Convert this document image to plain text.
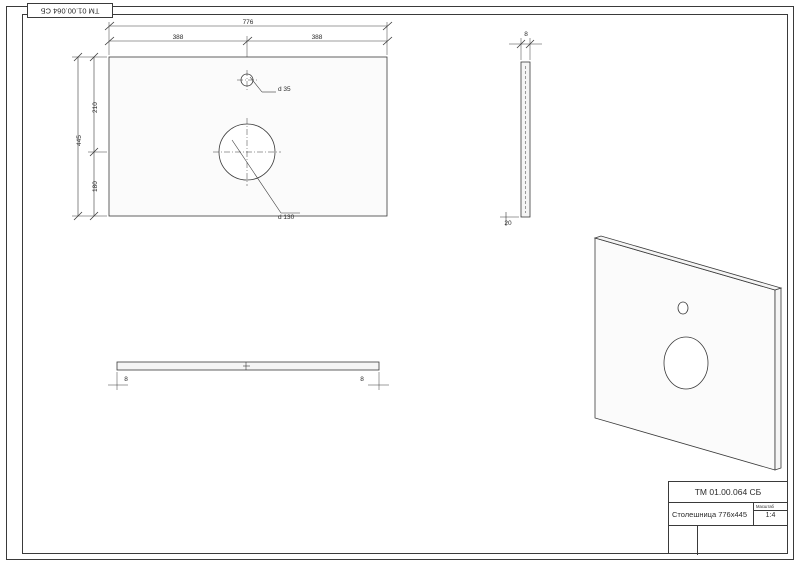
ТМ 01.00.064 СБ
776
388	388	8
20
8	8
d 35
d 130
445
210
180
ТМ 01.00.064 СБ
Столешница 776х445
Масштаб
1:4
